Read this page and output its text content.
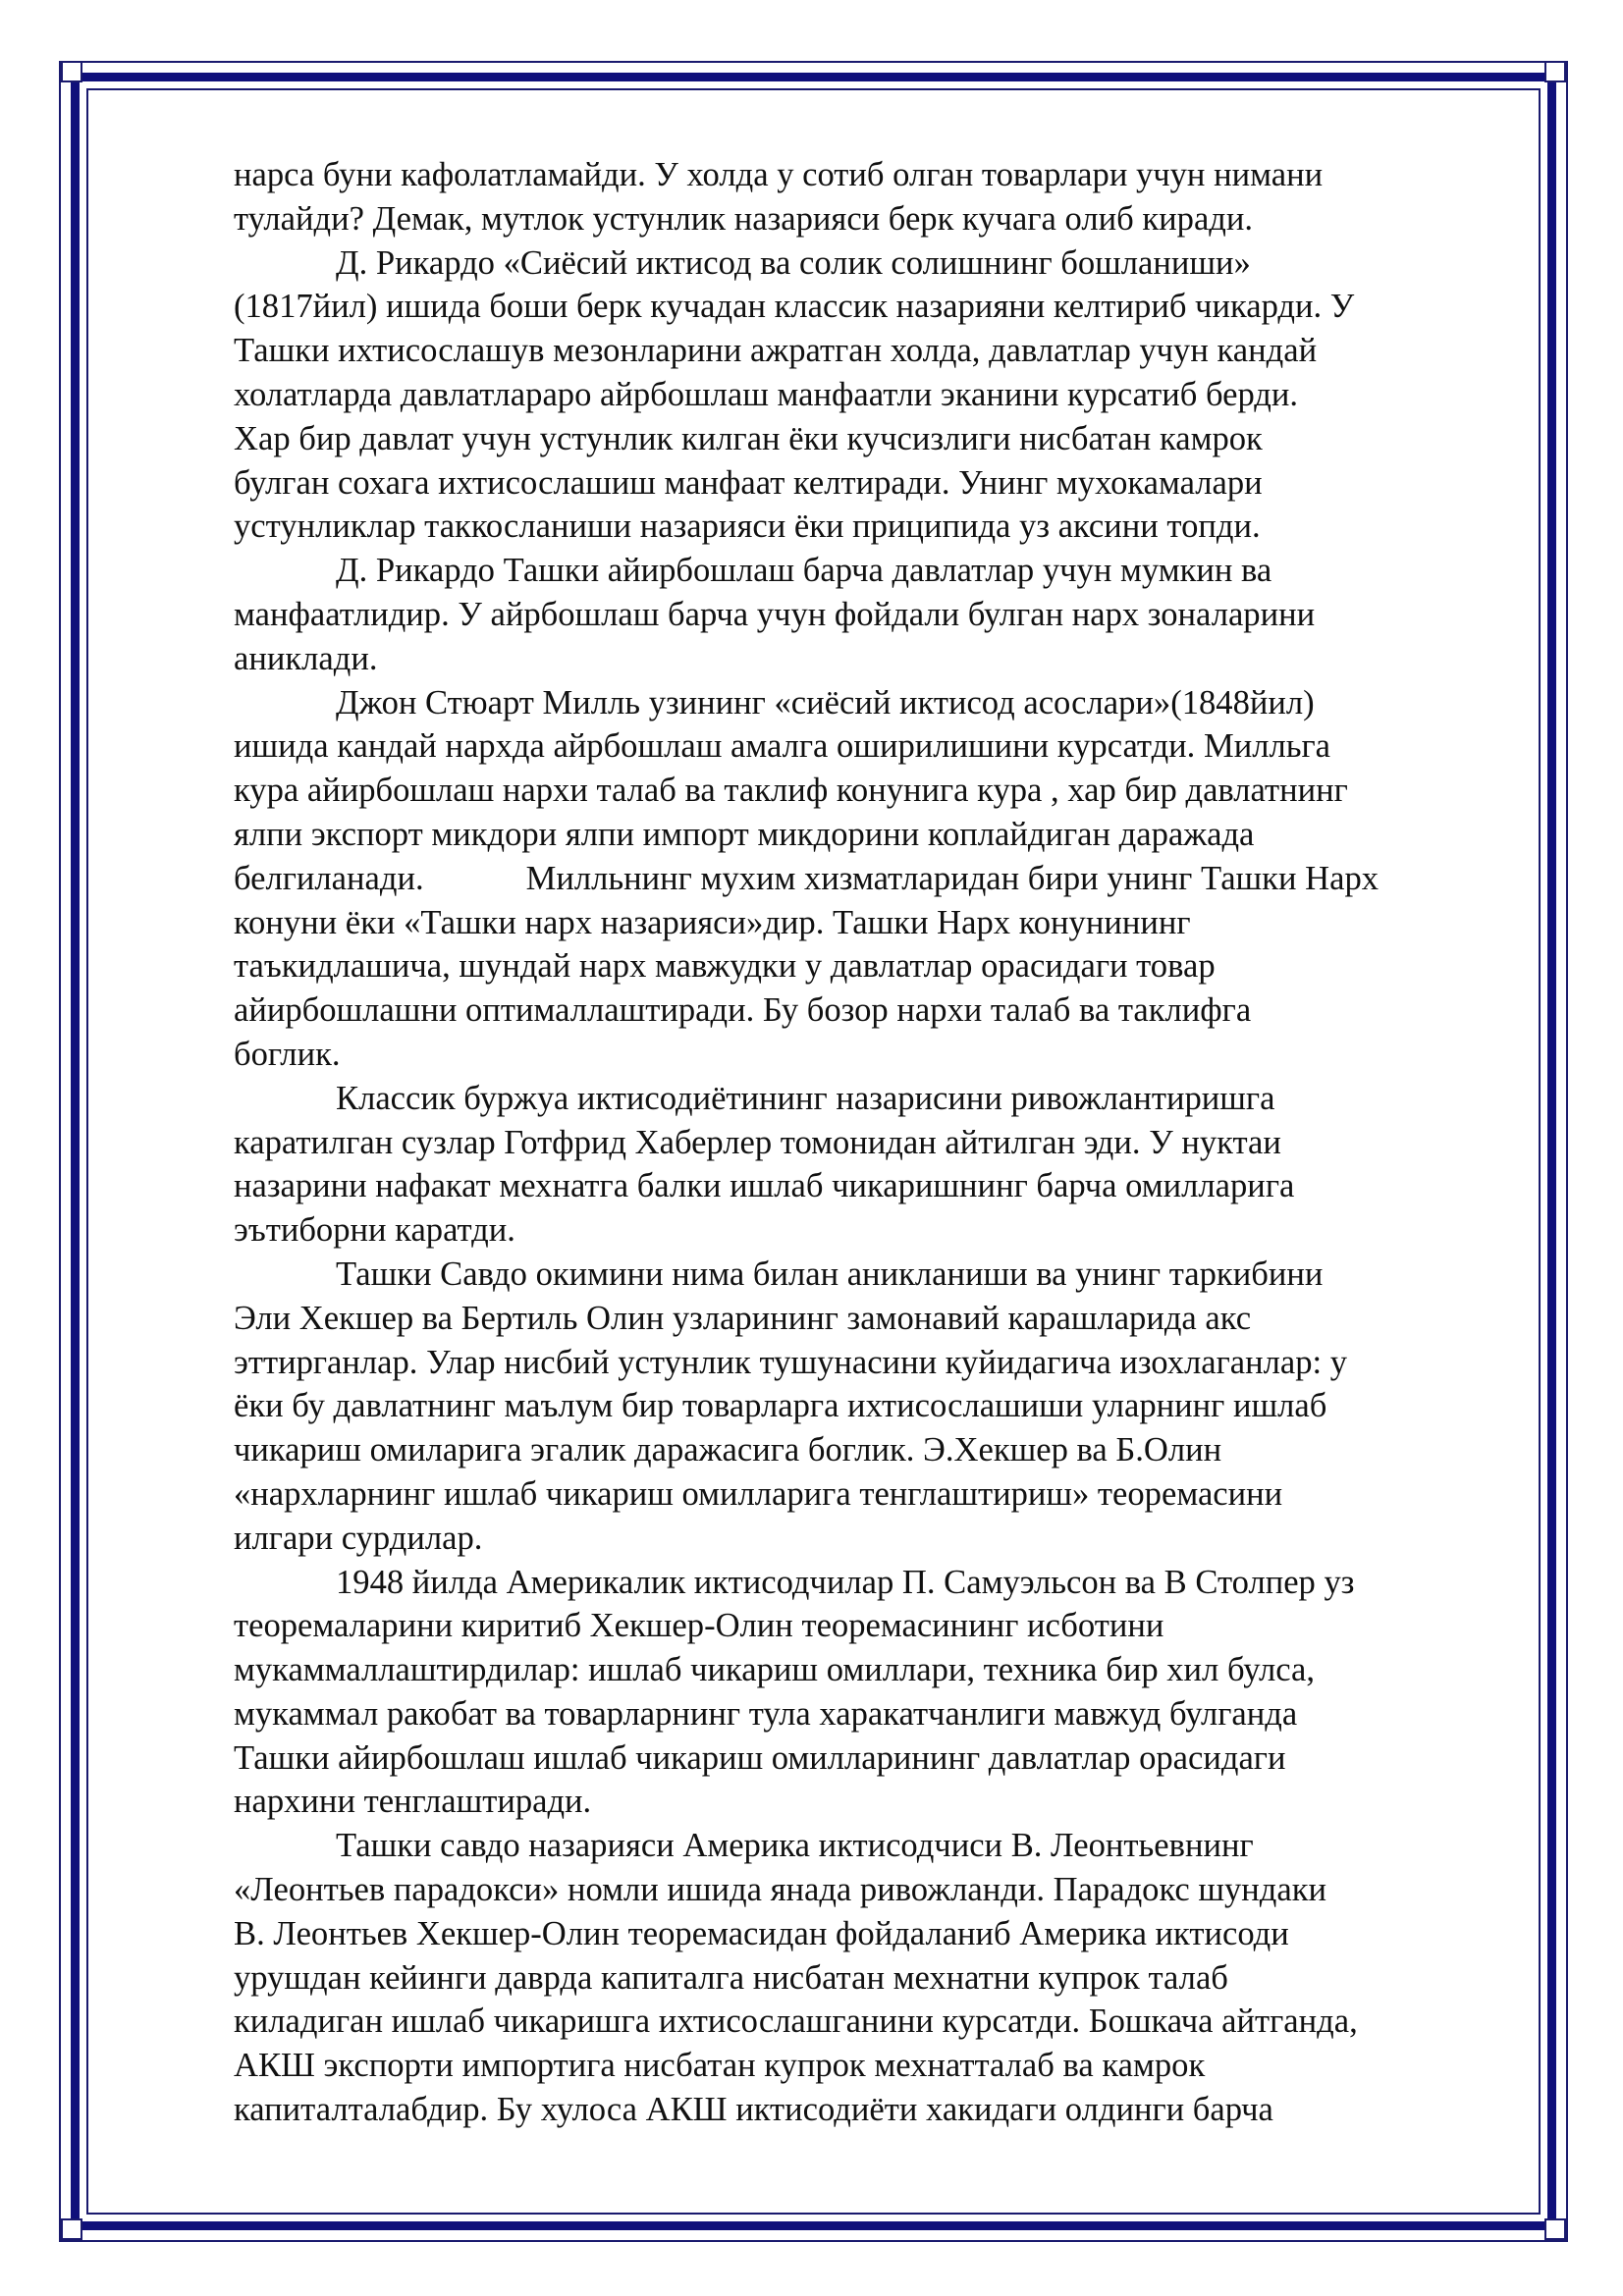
нарса буни кафолатламайди. У холда у сотиб олган товарлари учун нимани
тулайди? Демак, мутлок устунлик назарияси берк кучага олиб киради.

Д. Рикардо «Сиёсий иктисод ва солик солишнинг бошланиши»
(1817йил) ишида боши берк кучадан классик назарияни келтириб чикарди. У
Ташки ихтисослашув мезонларини ажратган холда, давлатлар учун кандай
холатларда давлатлараро айрбошлаш манфаатли эканини курсатиб берди.
Хар бир давлат учун устунлик килган ёки кучсизлиги нисбатан камрок
булган сохага ихтисослашиш манфаат келтиради. Унинг мухокамалари
устунликлар таккосланиши назарияси ёки приципида уз аксини топди.

Д. Рикардо Ташки айирбошлаш барча давлатлар учун мумкин ва
манфаатлидир. У айрбошлаш барча учун фойдали булган нарх зоналарини
аниклади.

Джон Стюарт Милль узининг «сиёсий иктисод асослари»(1848йил)
ишида кандай нархда айрбошлаш амалга оширилишини курсатди. Милльга
кура айирбошлаш нархи талаб ва таклиф конунига кура , хар бир давлатнинг
ялпи экспорт микдори ялпи импорт микдорини коплайдиган даражада
белгиланади.	Милльнинг мухим хизматларидан бири унинг Ташки Нарх
конуни ёки «Ташки нарх назарияси»дир. Ташки Нарх конунининг
таъкидлашича, шундай нарх мавжудки у давлатлар орасидаги товар
айирбошлашни оптималлаштиради. Бу бозор нархи талаб ва таклифга
боглик.

Классик буржуа иктисодиётининг назарисини ривожлантиришга
каратилган сузлар Готфрид Хаберлер томонидан айтилган эди. У нуктаи
назарини нафакат мехнатга балки ишлаб чикаришнинг барча омилларига
эътиборни каратди.

Ташки Савдо окимини нима билан аникланиши ва унинг таркибини
Эли Хекшер ва Бертиль Олин узларининг замонавий карашларида акс
эттирганлар. Улар нисбий устунлик тушунасини куйидагича изохлаганлар: у
ёки бу давлатнинг маълум бир товарларга ихтисослашиши уларнинг ишлаб
чикариш омиларига эгалик даражасига боглик. Э.Хекшер ва Б.Олин
«нархларнинг ишлаб чикариш омилларига тенглаштириш» теоремасини
илгари сурдилар.

1948 йилда Америкалик иктисодчилар П. Самуэльсон ва В Столпер уз
теоремаларини киритиб Хекшер-Олин теоремасининг исботини
мукаммаллаштирдилар: ишлаб чикариш омиллари, техника бир хил булса,
мукаммал ракобат ва товарларнинг тула харакатчанлиги мавжуд булганда
Ташки айирбошлаш ишлаб чикариш омилларининг давлатлар орасидаги
нархини тенглаштиради.

Ташки савдо назарияси Америка иктисодчиси В. Леонтьевнинг
«Леонтьев парадокси» номли ишида янада ривожланди. Парадокс шундаки
В. Леонтьев Хекшер-Олин теоремасидан фойдаланиб Америка иктисоди
урушдан кейинги даврда капиталга нисбатан мехнатни купрок талаб
киладиган ишлаб чикаришга ихтисослашганини курсатди. Бошкача айтганда,
АКШ экспорти импортига нисбатан купрок мехнатталаб ва камрок
капиталталабдир. Бу хулоса АКШ иктисодиёти хакидаги олдинги барча
